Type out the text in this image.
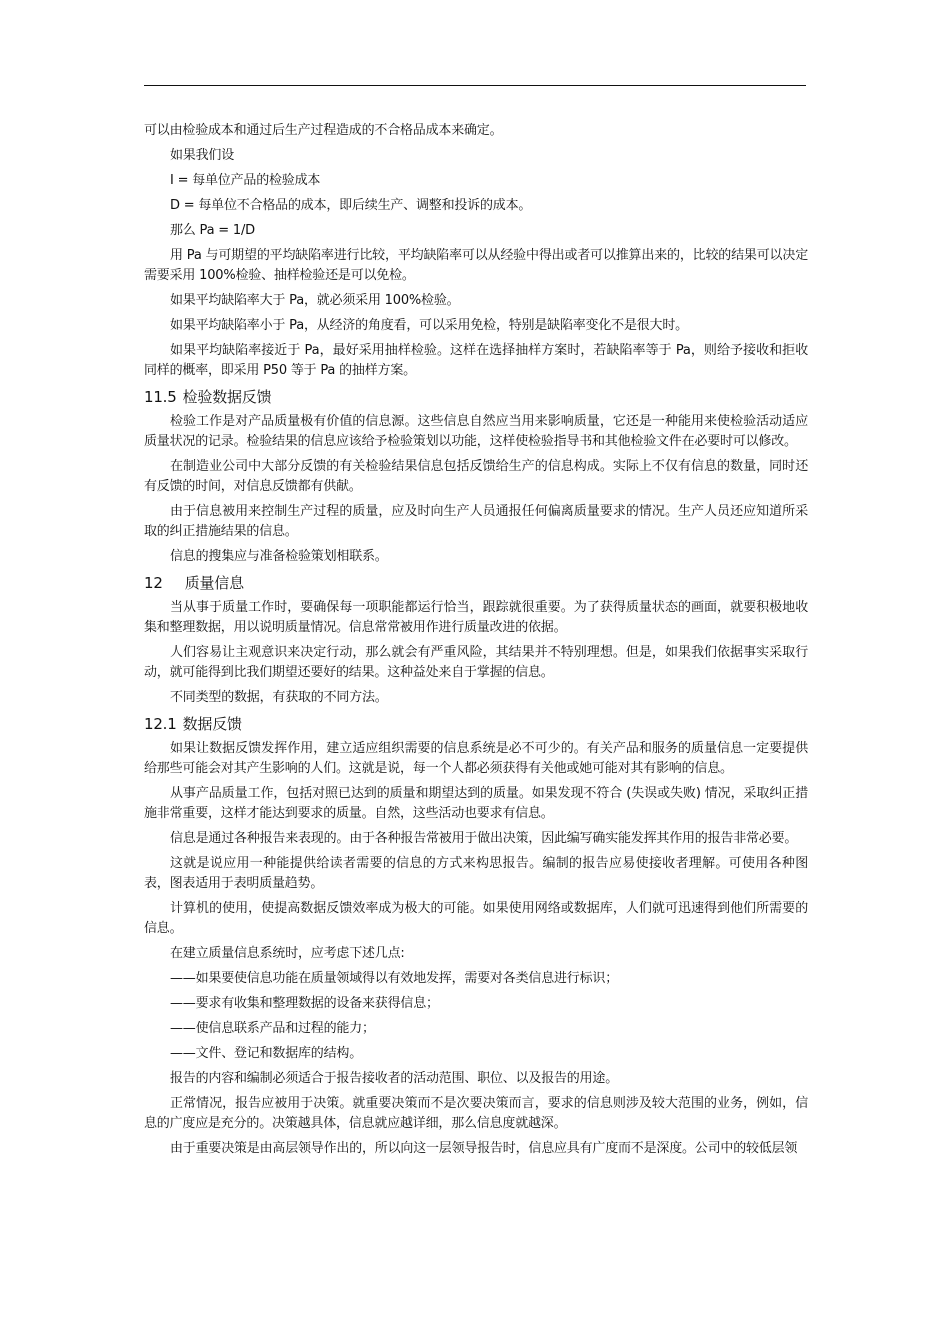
可以由检验成本和通过后生产过程造成的不合格品成本来确定。

如果我们设

I = 每单位产品的检验成本

D = 每单位不合格品的成本，即后续生产、调整和投诉的成本。

那么 Pa = 1/D

用 Pa 与可期望的平均缺陷率进行比较，平均缺陷率可以从经验中得出或者可以推算出来的，比较的结果可以决定需要采用 100%检验、抽样检验还是可以免检。

如果平均缺陷率大于 Pa，就必须采用 100%检验。

如果平均缺陷率小于 Pa，从经济的角度看，可以采用免检，特别是缺陷率变化不是很大时。

如果平均缺陷率接近于 Pa，最好采用抽样检验。这样在选择抽样方案时，若缺陷率等于 Pa，则给予接收和拒收同样的概率，即采用 P50 等于 Pa 的抽样方案。

11.5 检验数据反馈

检验工作是对产品质量极有价值的信息源。这些信息自然应当用来影响质量，它还是一种能用来使检验活动适应质量状况的记录。检验结果的信息应该给予检验策划以功能，这样使检验指导书和其他检验文件在必要时可以修改。

在制造业公司中大部分反馈的有关检验结果信息包括反馈给生产的信息构成。实际上不仅有信息的数量，同时还有反馈的时间，对信息反馈都有供献。

由于信息被用来控制生产过程的质量，应及时向生产人员通报任何偏离质量要求的情况。生产人员还应知道所采取的纠正措施结果的信息。

信息的搜集应与准备检验策划相联系。

12 质量信息

当从事于质量工作时，要确保每一项职能都运行恰当，跟踪就很重要。为了获得质量状态的画面，就要积极地收集和整理数据，用以说明质量情况。信息常常被用作进行质量改进的依据。

人们容易让主观意识来决定行动，那么就会有严重风险，其结果并不特别理想。但是，如果我们依据事实采取行动，就可能得到比我们期望还要好的结果。这种益处来自于掌握的信息。

不同类型的数据，有获取的不同方法。

12.1 数据反馈

如果让数据反馈发挥作用，建立适应组织需要的信息系统是必不可少的。有关产品和服务的质量信息一定要提供给那些可能会对其产生影响的人们。这就是说，每一个人都必须获得有关他或她可能对其有影响的信息。

从事产品质量工作，包括对照已达到的质量和期望达到的质量。如果发现不符合 (失误或失败) 情况，采取纠正措施非常重要，这样才能达到要求的质量。自然，这些活动也要求有信息。

信息是通过各种报告来表现的。由于各种报告常被用于做出决策，因此编写确实能发挥其作用的报告非常必要。

这就是说应用一种能提供给读者需要的信息的方式来构思报告。编制的报告应易使接收者理解。可使用各种图表，图表适用于表明质量趋势。

计算机的使用，使提高数据反馈效率成为极大的可能。如果使用网络或数据库，人们就可迅速得到他们所需要的信息。

在建立质量信息系统时，应考虑下述几点:

——如果要使信息功能在质量领域得以有效地发挥，需要对各类信息进行标识；

——要求有收集和整理数据的设备来获得信息；

——使信息联系产品和过程的能力；

——文件、登记和数据库的结构。

报告的内容和编制必须适合于报告接收者的活动范围、职位、以及报告的用途。

正常情况，报告应被用于决策。就重要决策而不是次要决策而言，要求的信息则涉及较大范围的业务，例如，信息的广度应是充分的。决策越具体，信息就应越详细，那么信息度就越深。

由于重要决策是由高层领导作出的，所以向这一层领导报告时，信息应具有广度而不是深度。公司中的较低层领
